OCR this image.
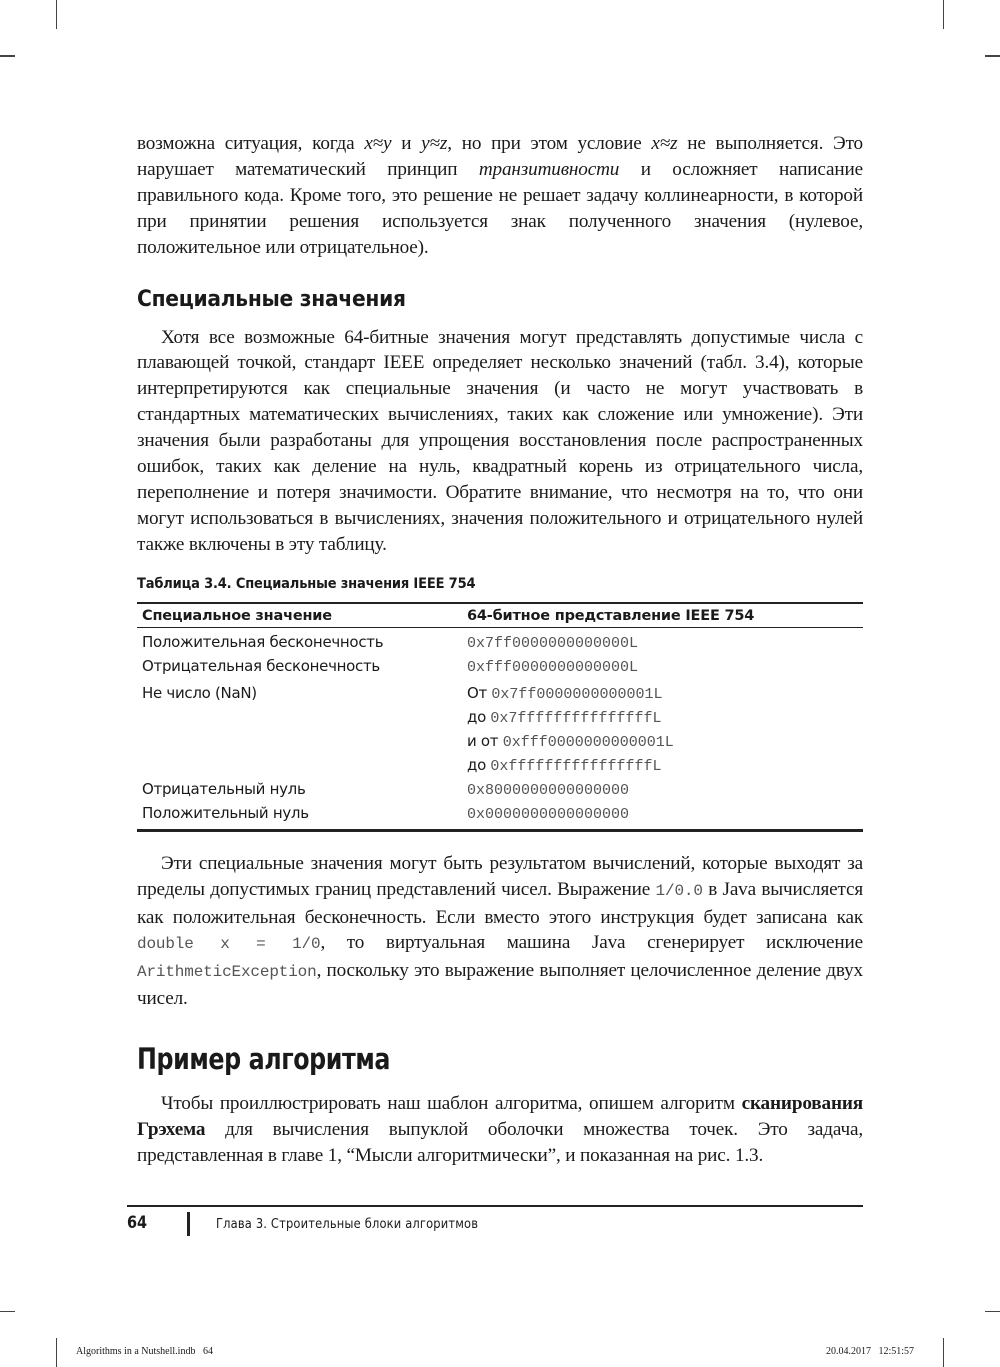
возможна ситуация, когда x≈y и y≈z, но при этом условие x≈z не выполняется. Это нарушает математический принцип транзитивности и осложняет написание правильного кода. Кроме того, это решение не решает задачу коллинеарности, в которой при принятии решения используется знак полученного значения (нулевое, положительное или отрицательное).

Специальные значения

Хотя все возможные 64-битные значения могут представлять допустимые числа с плавающей точкой, стандарт IEEE определяет несколько значений (табл. 3.4), которые интерпретируются как специальные значения (и часто не могут участвовать в стандартных математических вычислениях, таких как сложение или умножение). Эти значения были разработаны для упрощения восстановления после распространенных ошибок, таких как деление на нуль, квадратный корень из отрицательного числа, переполнение и потеря значимости. Обратите внимание, что несмотря на то, что они могут использоваться в вычислениях, значения положительного и отрицательного нулей также включены в эту таблицу.

Таблица 3.4. Специальные значения IEEE 754
Специальное значение	64-битное представление IEEE 754
Положительная бесконечность	0x7ff0000000000000L
Отрицательная бесконечность	0xfff0000000000000L
Не число (NaN)	От 0x7ff0000000000001L
до 0x7fffffffffffffffL
и от 0xfff0000000000001L
до 0xffffffffffffffffL

Отрицательный нуль	0x8000000000000000
Положительный нуль	0x0000000000000000

Эти специальные значения могут быть результатом вычислений, которые выходят за пределы допустимых границ представлений чисел. Выражение 1/0.0 в Java вычисляется как положительная бесконечность. Если вместо этого инструкция будет записана как double x = 1/0, то виртуальная машина Java сгенерирует исключение ArithmeticException, поскольку это выражение выполняет целочисленное деление двух чисел.

Пример алгоритма

Чтобы проиллюстрировать наш шаблон алгоритма, опишем алгоритм сканирования Грэхема для вычисления выпуклой оболочки множества точек. Это задача, представленная в главе 1, “Мысли алгоритмически”, и показанная на рис. 1.3.

64	Глава 3. Строительные блоки алгоритмов
Algorithms in a Nutshell.indb   64	20.04.2017   12:51:57
